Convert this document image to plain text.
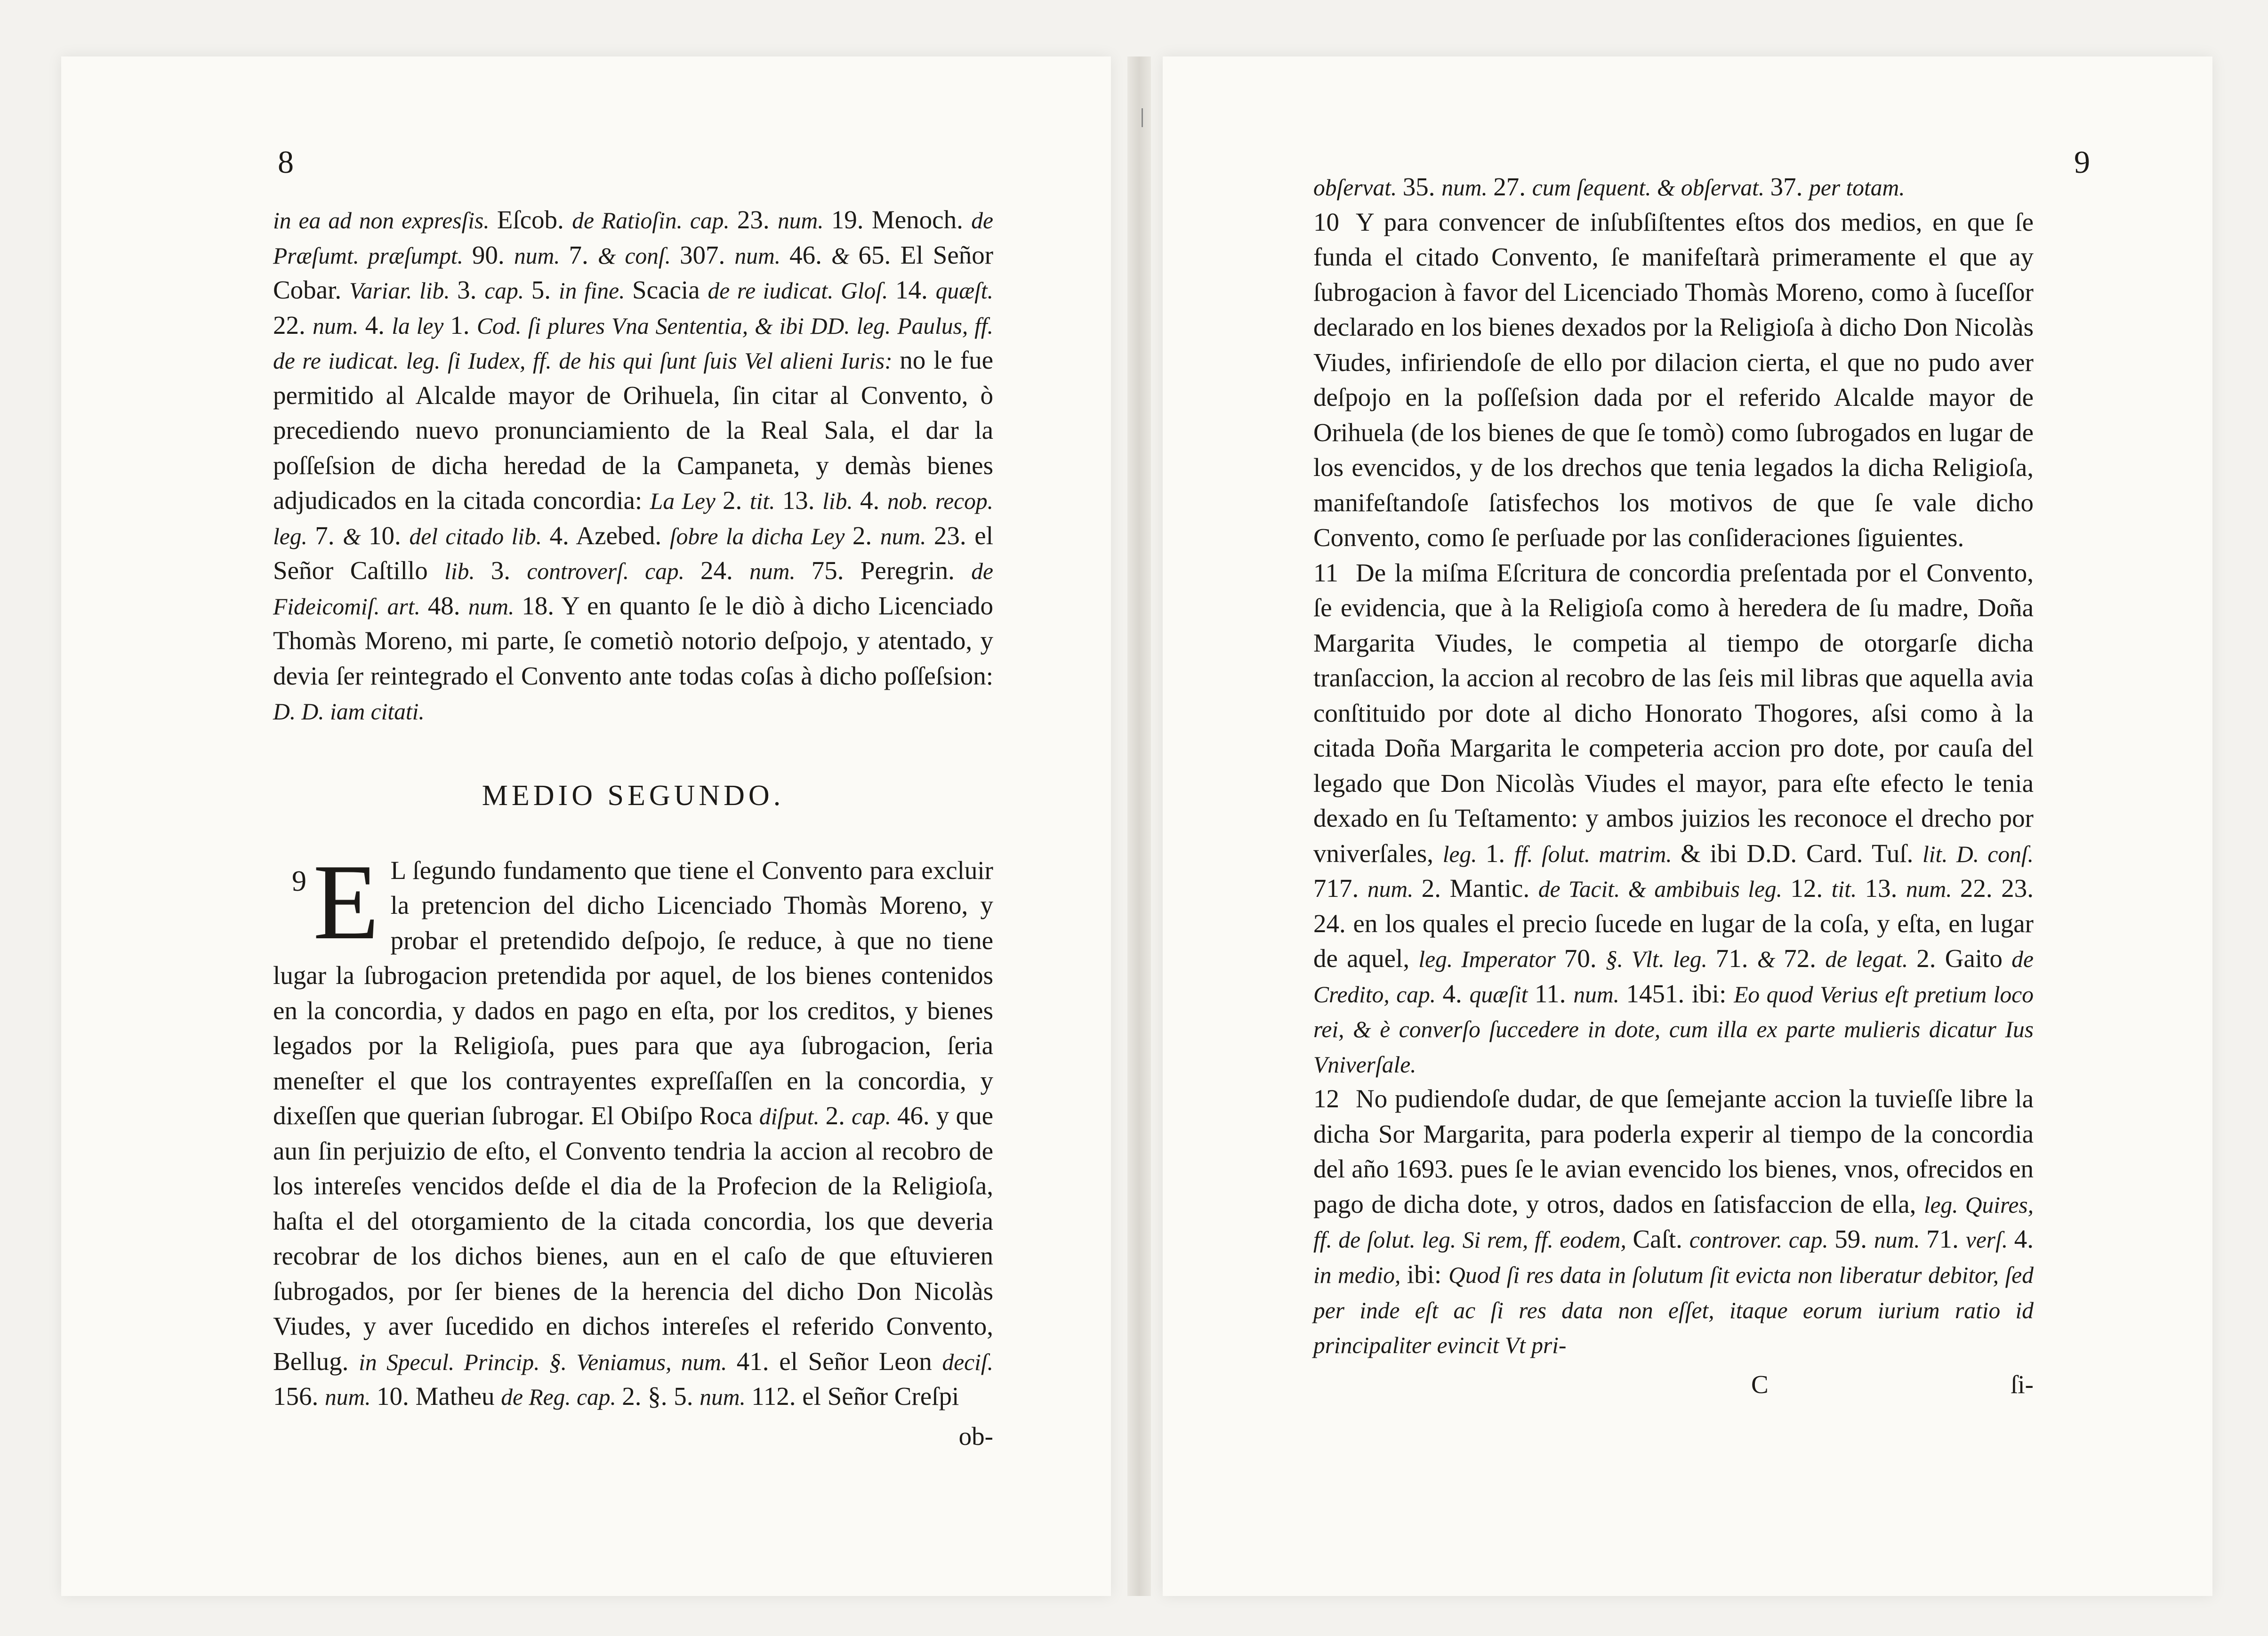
8

in ea ad non expresſis. Eſcob. de Ratioſin. cap. 23. num. 19. Menoch. de Præſumt. præſumpt. 90. num. 7. & conſ. 307. num. 46. & 65. El Señor Cobar. Variar. lib. 3. cap. 5. in fine. Scacia de re iudicat. Gloſ. 14. quæſt. 22. num. 4. la ley 1. Cod. ſi plures Vna Sententia, & ibi DD. leg. Paulus, ff. de re iudicat. leg. ſi Iudex, ff. de his qui ſunt ſuis Vel alieni Iuris: no le fue permitido al Alcalde mayor de Orihuela, ſin citar al Convento, ò precediendo nuevo pronunciamiento de la Real Sala, el dar la poſſeſsion de dicha heredad de la Campaneta, y demàs bienes adjudicados en la citada concordia: La Ley 2. tit. 13. lib. 4. nob. recop. leg. 7. & 10. del citado lib. 4. Azebed. ſobre la dicha Ley 2. num. 23. el Señor Caſtillo lib. 3. controverſ. cap. 24. num. 75. Peregrin. de Fideicomiſ. art. 48. num. 18. Y en quanto ſe le diò à dicho Licenciado Thomàs Moreno, mi parte, ſe cometiò notorio deſpojo, y atentado, y devia ſer reintegrado el Convento ante todas coſas à dicho poſſeſsion: D. D. iam citati.

MEDIO SEGUNDO.

9 E L ſegundo fundamento que tiene el Convento para excluir la pretencion del dicho Licenciado Thomàs Moreno, y probar el pretendido deſpojo, ſe reduce, à que no tiene lugar la ſubrogacion pretendida por aquel, de los bienes contenidos en la concordia, y dados en pago en eſta, por los creditos, y bienes legados por la Religioſa, pues para que aya ſubrogacion, ſeria meneſter el que los contrayentes expreſſaſſen en la concordia, y dixeſſen que querian ſubrogar. El Obiſpo Roca diſput. 2. cap. 46. y que aun ſin perjuizio de eſto, el Convento tendria la accion al recobro de los intereſes vencidos deſde el dia de la Profecion de la Religioſa, haſta el del otorgamiento de la citada concordia, los que deveria recobrar de los dichos bienes, aun en el caſo de que eſtuvieren ſubrogados, por ſer bienes de la herencia del dicho Don Nicolàs Viudes, y aver ſucedido en dichos intereſes el referido Convento, Bellug. in Specul. Princip. §. Veniamus, num. 41. el Señor Leon deciſ. 156. num. 10. Matheu de Reg. cap. 2. §. 5. num. 112. el Señor Creſpi

ob-
9

obſervat. 35. num. 27. cum ſequent. & obſervat. 37. per totam.

10 Y para convencer de inſubſiſtentes eſtos dos medios, en que ſe funda el citado Convento, ſe manifeſtarà primeramente el que ay ſubrogacion à favor del Licenciado Thomàs Moreno, como à ſuceſſor declarado en los bienes dexados por la Religioſa à dicho Don Nicolàs Viudes, infiriendoſe de ello por dilacion cierta, el que no pudo aver deſpojo en la poſſeſsion dada por el referido Alcalde mayor de Orihuela (de los bienes de que ſe tomò) como ſubrogados en lugar de los evencidos, y de los drechos que tenia legados la dicha Religioſa, manifeſtandoſe ſatisfechos los motivos de que ſe vale dicho Convento, como ſe perſuade por las conſideraciones ſiguientes.

11 De la miſma Eſcritura de concordia preſentada por el Convento, ſe evidencia, que à la Religioſa como à heredera de ſu madre, Doña Margarita Viudes, le competia al tiempo de otorgarſe dicha tranſaccion, la accion al recobro de las ſeis mil libras que aquella avia conſtituido por dote al dicho Honorato Thogores, aſsi como à la citada Doña Margarita le competeria accion pro dote, por cauſa del legado que Don Nicolàs Viudes el mayor, para eſte efecto le tenia dexado en ſu Teſtamento: y ambos juizios les reconoce el drecho por vniverſales, leg. 1. ff. ſolut. matrim. & ibi D.D. Card. Tuſ. lit. D. conſ. 717. num. 2. Mantic. de Tacit. & ambibuis leg. 12. tit. 13. num. 22. 23. 24. en los quales el precio ſucede en lugar de la coſa, y eſta, en lugar de aquel, leg. Imperator 70. §. Vlt. leg. 71. & 72. de legat. 2. Gaito de Credito, cap. 4. quæſit 11. num. 1451. ibi: Eo quod Verius eſt pretium loco rei, & è converſo ſuccedere in dote, cum illa ex parte mulieris dicatur Ius Vniverſale.

12 No pudiendoſe dudar, de que ſemejante accion la tuvieſſe libre la dicha Sor Margarita, para poderla experir al tiempo de la concordia del año 1693. pues ſe le avian evencido los bienes, vnos, ofrecidos en pago de dicha dote, y otros, dados en ſatisfaccion de ella, leg. Quires, ff. de ſolut. leg. Si rem, ff. eodem, Caſt. controver. cap. 59. num. 71. verſ. 4. in medio, ibi: Quod ſi res data in ſolutum ſit evicta non liberatur debitor, ſed per inde eſt ac ſi res data non eſſet, itaque eorum iurium ratio id principaliter evincit Vt pri-

C	ſi-
